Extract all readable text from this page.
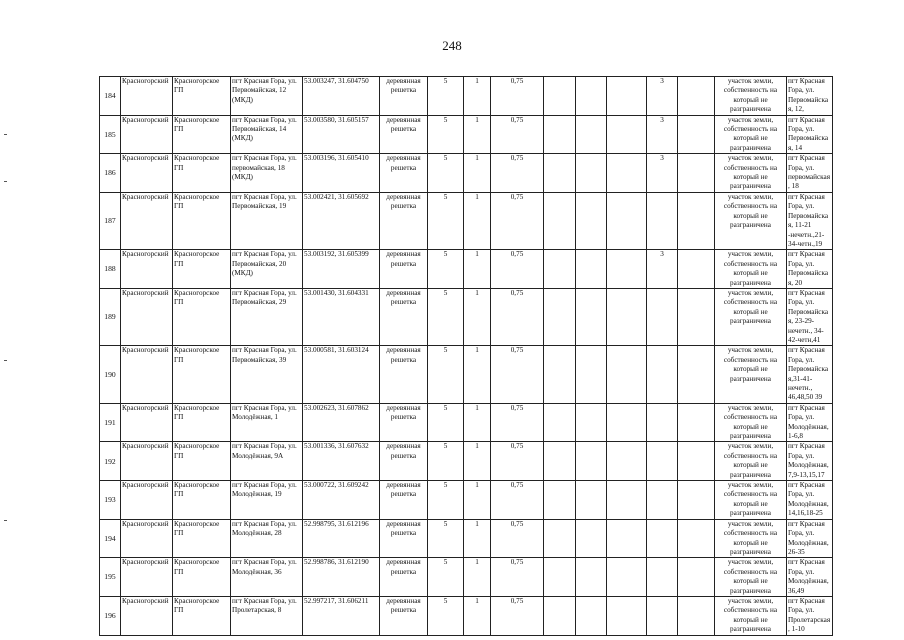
248
184	Красногорский	Красногорское ГП	пгт Красная Гора, ул. Первомайская, 12 (МКД)	53.003247, 31.604750	деревянная решетка	5	1	0,75				3		участок земли, собственность на который не разграничена	пгт Красная Гора, ул. Первомайская, 12,
185	Красногорский	Красногорское ГП	пгт Красная Гора, ул. Первомайская, 14 (МКД)	53.003580, 31.605157	деревянная решетка	5	1	0,75				3		участок земли, собственность на который не разграничена	пгт Красная Гора, ул. Первомайская, 14
186	Красногорский	Красногорское ГП	пгт Красная Гора, ул. первомайская, 18 (МКД)	53.003196, 31.605410	деревянная решетка	5	1	0,75				3		участок земли, собственность на который не разграничена	пгт Красная Гора, ул. первомайская, 18
187	Красногорский	Красногорское ГП	пгт Красная Гора, ул. Первомайская, 19	53.002421, 31.605692	деревянная решетка	5	1	0,75						участок земли, собственность на который не разграничена	пгт Красная Гора, ул. Первомайская, 11-21 -нечетн.,21-34-четн.,19
188	Красногорский	Красногорское ГП	пгт Красная Гора, ул. Первомайская, 20 (МКД)	53.003192, 31.605399	деревянная решетка	5	1	0,75				3		участок земли, собственность на который не разграничена	пгт Красная Гора, ул. Первомайская, 20
189	Красногорский	Красногорское ГП	пгт Красная Гора, ул. Первомайская, 29	53.001430, 31.604331	деревянная решетка	5	1	0,75						участок земли, собственность на который не разграничена	пгт Красная Гора, ул. Первомайская, 23-29-нечетн., 34-42-четн,41
190	Красногорский	Красногорское ГП	пгт Красная Гора, ул. Первомайская, 39	53.000581, 31.603124	деревянная решетка	5	1	0,75						участок земли, собственность на который не разграничена	пгт Красная Гора, ул. Первомайская,31-41-нечетн., 46,48,50 39
191	Красногорский	Красногорское ГП	пгт Красная Гора, ул. Молодёжная, 1	53.002623, 31.607862	деревянная решетка	5	1	0,75						участок земли, собственность на который не разграничена	пгт Красная Гора, ул. Молодёжная, 1-6,8
192	Красногорский	Красногорское ГП	пгт Красная Гора, ул. Молодёжная, 9А	53.001336, 31.607632	деревянная решетка	5	1	0,75						участок земли, собственность на который не разграничена	пгт Красная Гора, ул. Молодёжная, 7,9-13,15,17
193	Красногорский	Красногорское ГП	пгт Красная Гора, ул. Молодёжная, 19	53.000722, 31.609242	деревянная решетка	5	1	0,75						участок земли, собственность на который не разграничена	пгт Красная Гора, ул. Молодёжная, 14,16,18-25
194	Красногорский	Красногорское ГП	пгт Красная Гора, ул. Молодёжная, 28	52.998795, 31.612196	деревянная решетка	5	1	0,75						участок земли, собственность на который не разграничена	пгт Красная Гора, ул. Молодёжная, 26-35
195	Красногорский	Красногорское ГП	пгт Красная Гора, ул. Молодёжная, 36	52.998786, 31.612190	деревянная решетка	5	1	0,75						участок земли, собственность на который не разграничена	пгт Красная Гора, ул. Молодёжная, 36,49
196	Красногорский	Красногорское ГП	пгт Красная Гора, ул. Пролетарская, 8	52.997217, 31.606211	деревянная решетка	5	1	0,75						участок земли, собственность на который не разграничена	пгт Красная Гора, ул. Пролетарская, 1-10
